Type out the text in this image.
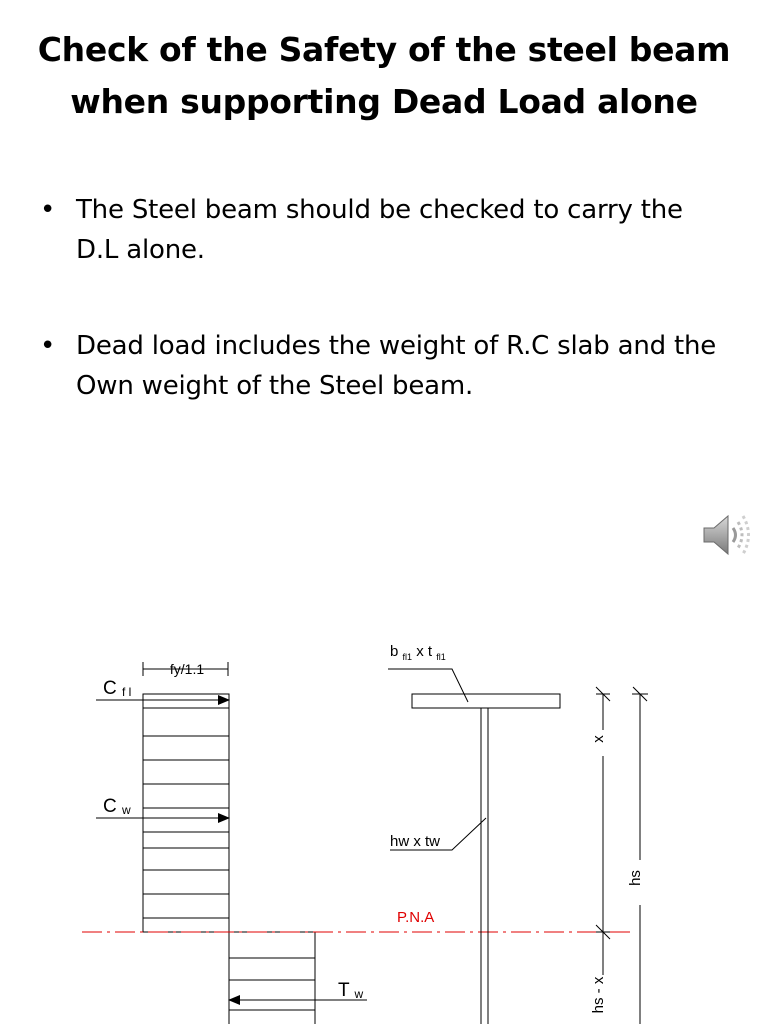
Check of the Safety of the steel beam
when supporting Dead Load alone
• The Steel beam should be checked to carry the D.L alone.
• Dead load includes the weight of R.C slab and the Own weight of the Steel beam.
fy/1.1
C f l
C w
T w
P.N.A
b $_{fl1}$ x t $_{fl1}$
hw x tw
x
hs
hs - x
